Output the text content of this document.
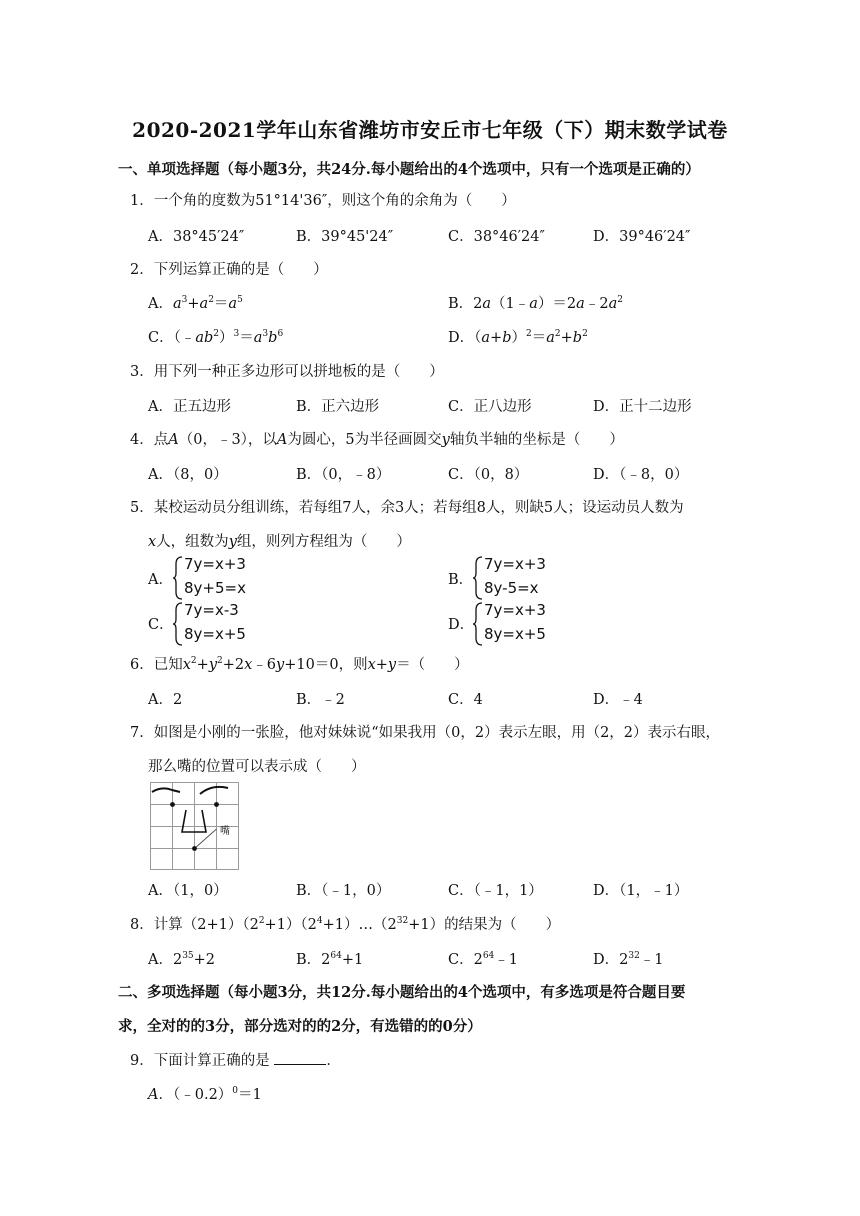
2020-2021学年山东省潍坊市安丘市七年级（下）期末数学试卷
一、单项选择题（每小题3分，共24分.每小题给出的4个选项中，只有一个选项是正确的）
1．一个角的度数为51°14'36″，则这个角的余角为（　　）
A．38°45′24″	B．39°45'24″	C．38°46′24″	D．39°46′24″
2．下列运算正确的是（　　）
A．$a^3+a^2=a^5$	B．$2a(1﹣a)=2a﹣2a^2$
C．$(﹣ab^2)^3=a^3b^6$	D．$(a+b)^2=a^2+b^2$
3．用下列一种正多边形可以拼地板的是（　　）
A．正五边形	B．正六边形	C．正八边形	D．正十二边形
4．点A（0，﹣3），以A为圆心，5为半径画圆交y轴负半轴的坐标是（　　）
A．（8，0）	B．（0，﹣8）	C．（0，8）	D．（﹣8，0）
5．某校运动员分组训练，若每组7人，余3人；若每组8人，则缺5人；设运动员人数为
x人，组数为y组，则列方程组为（　　）
A．
7y=x+3
8y+5=x	B．
7y=x+3
8y-5=x
C．
7y=x-3
8y=x+5	D．
7y=x+3
8y=x+5
6．已知$x^2+y^2+2x﹣6y+10=0$，则x+y＝（　　）
A．2	B．﹣2	C．4	D．﹣4
7．如图是小刚的一张脸，他对妹妹说“如果我用（0，2）表示左眼，用（2，2）表示右眼，
那么嘴的位置可以表示成（　　）
嘴
A．（1，0）	B．（﹣1，0）	C．（﹣1，1）	D．（1，﹣1）
8．计算$(2+1)(2^2+1)(2^4+1)\dots(2^{32}+1)$的结果为（　　）
A．$2^{35}+2$	B．$2^{64}+1$	C．$2^{64}﹣1$	D．$2^{32}﹣1$
二、多项选择题（每小题3分，共12分.每小题给出的4个选项中，有多选项是符合题目要
求，全对的的3分，部分选对的的2分，有选错的的0分）
9．下面计算正确的是	．
A．（﹣0.2）$^0$＝1
